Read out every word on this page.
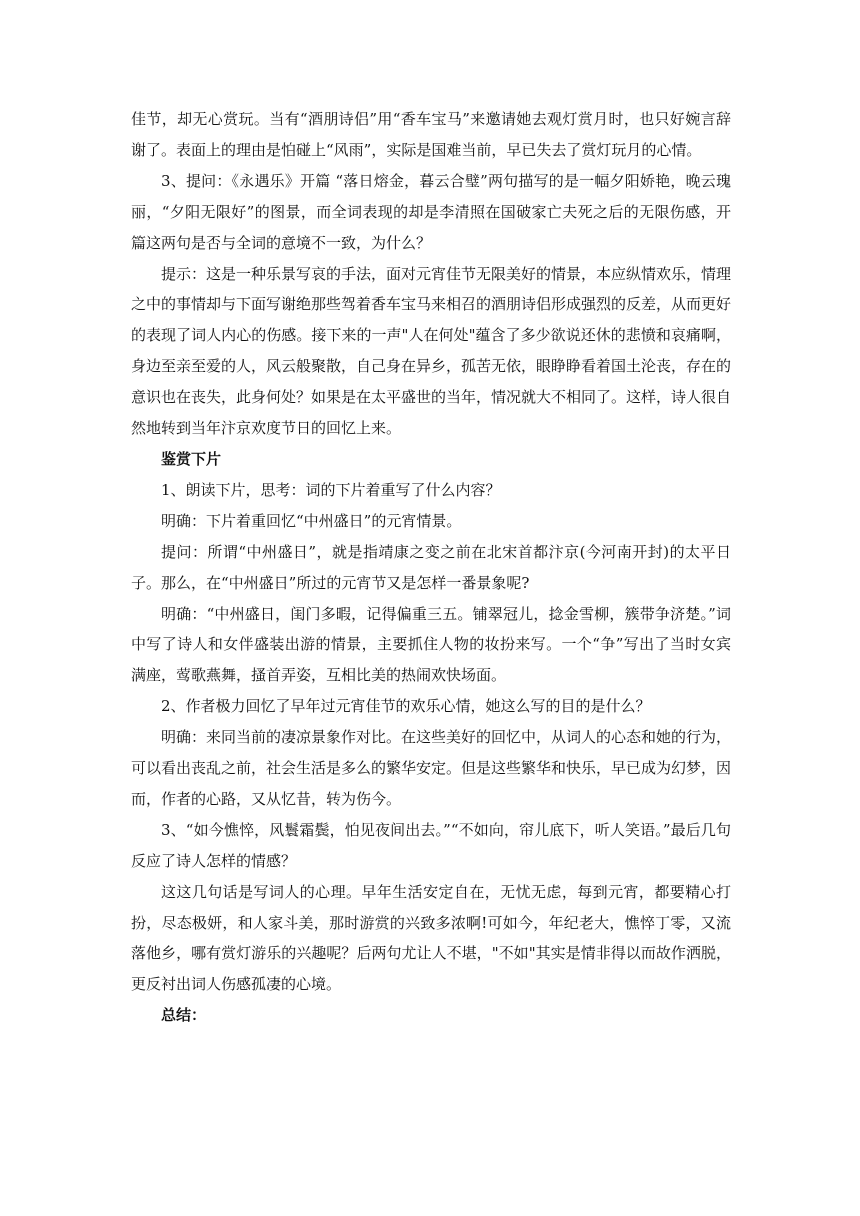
佳节，却无心赏玩。当有“酒朋诗侣”用“香车宝马”来邀请她去观灯赏月时，也只好婉言辞谢了。表面上的理由是怕碰上“风雨”，实际是国难当前，早已失去了赏灯玩月的心情。

3、提问：《永遇乐》开篇 “落日熔金，暮云合璧”两句描写的是一幅夕阳娇艳，晚云瑰丽，“夕阳无限好”的图景，而全词表现的却是李清照在国破家亡夫死之后的无限伤感，开篇这两句是否与全词的意境不一致，为什么？

提示：这是一种乐景写哀的手法，面对元宵佳节无限美好的情景，本应纵情欢乐，情理之中的事情却与下面写谢绝那些驾着香车宝马来相召的酒朋诗侣形成强烈的反差，从而更好的表现了词人内心的伤感。接下来的一声"人在何处"蕴含了多少欲说还休的悲愤和哀痛啊，身边至亲至爱的人，风云般聚散，自己身在异乡，孤苦无依，眼睁睁看着国土沦丧，存在的意识也在丧失，此身何处？如果是在太平盛世的当年，情况就大不相同了。这样，诗人很自然地转到当年汴京欢度节日的回忆上来。

鉴赏下片

1、朗读下片，思考：词的下片着重写了什么内容？

明确：下片着重回忆“中州盛日”的元宵情景。

提问：所谓“中州盛日”，就是指靖康之变之前在北宋首都汴京(今河南开封)的太平日子。那么，在“中州盛日”所过的元宵节又是怎样一番景象呢?

明确：“中州盛日，闺门多暇，记得偏重三五。铺翠冠儿，捻金雪柳，簇带争济楚。”词中写了诗人和女伴盛装出游的情景，主要抓住人物的妆扮来写。一个“争”写出了当时女宾满座，莺歌燕舞，搔首弄姿，互相比美的热闹欢快场面。

2、作者极力回忆了早年过元宵佳节的欢乐心情，她这么写的目的是什么？

明确：来同当前的凄凉景象作对比。在这些美好的回忆中，从词人的心态和她的行为，可以看出丧乱之前，社会生活是多么的繁华安定。但是这些繁华和快乐，早已成为幻梦，因而，作者的心路，又从忆昔，转为伤今。

3、“如今憔悴，风鬟霜鬓，怕见夜间出去。”“不如向，帘儿底下，听人笑语。”最后几句反应了诗人怎样的情感？

这这几句话是写词人的心理。早年生活安定自在，无忧无虑，每到元宵，都要精心打扮，尽态极妍，和人家斗美，那时游赏的兴致多浓啊!可如今，年纪老大，憔悴丁零，又流落他乡，哪有赏灯游乐的兴趣呢？后两句尤让人不堪，"不如"其实是情非得以而故作洒脱，更反衬出词人伤感孤凄的心境。

总结：
